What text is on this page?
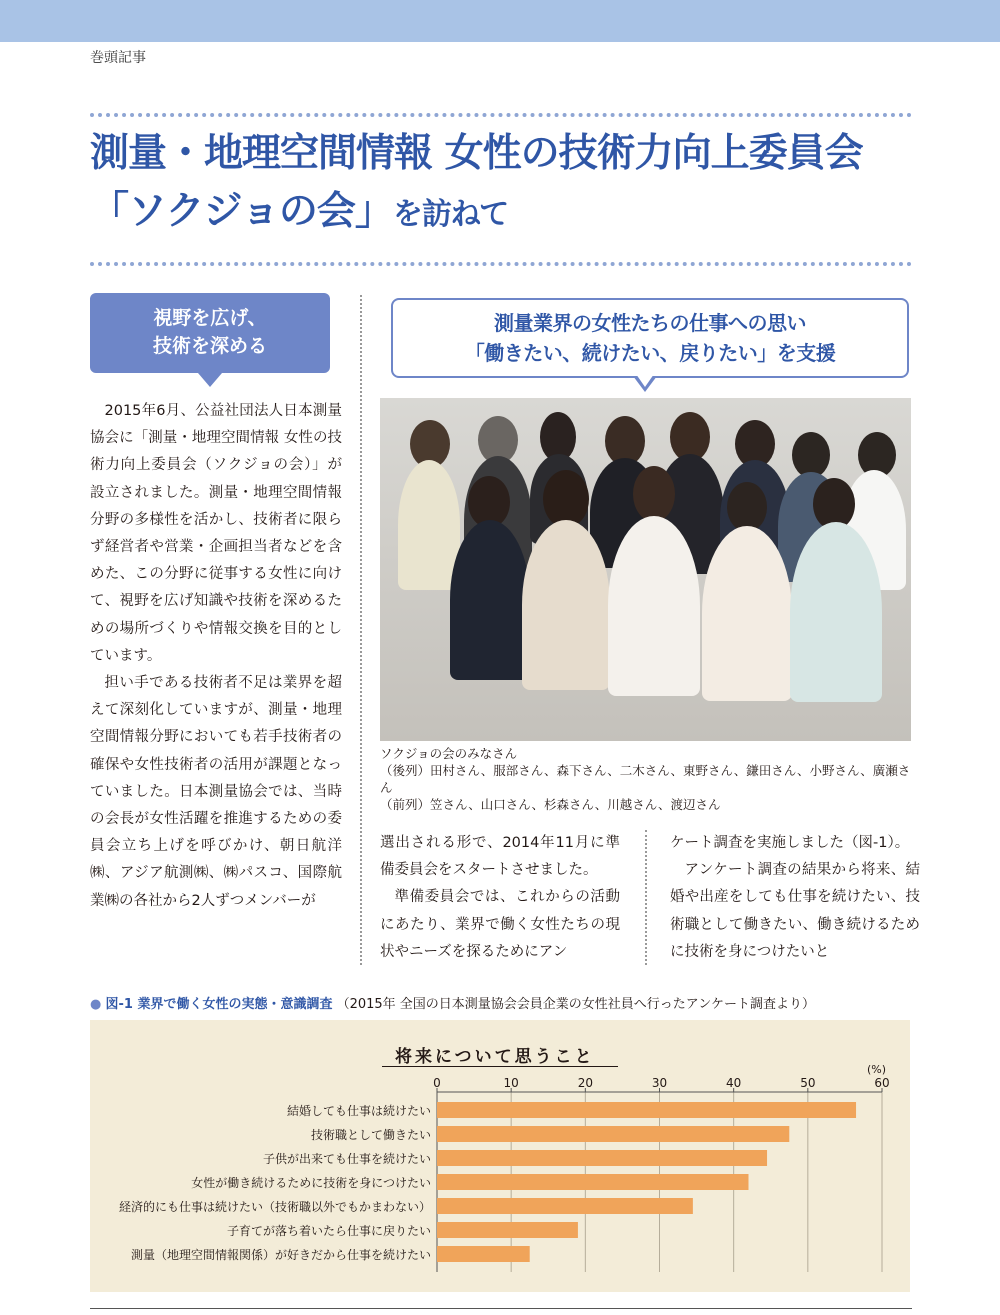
巻頭記事
測量・地理空間情報 女性の技術力向上委員会
「ソクジョの会」を訪ねて
視野を広げ、
技術を深める
測量業界の女性たちの仕事への思い
「働きたい、続けたい、戻りたい」を支援

2015年6月、公益社団法人日本測量協会に「測量・地理空間情報 女性の技術力向上委員会（ソクジョの会）」が設立されました。測量・地理空間情報分野の多様性を活かし、技術者に限らず経営者や営業・企画担当者などを含めた、この分野に従事する女性に向けて、視野を広げ知識や技術を深めるための場所づくりや情報交換を目的としています。

担い手である技術者不足は業界を超えて深刻化していますが、測量・地理空間情報分野においても若手技術者の確保や女性技術者の活用が課題となっていました。日本測量協会では、当時の会長が女性活躍を推進するための委員会立ち上げを呼びかけ、朝日航洋㈱、アジア航測㈱、㈱パスコ、国際航業㈱の各社から2人ずつメンバーが

ソクジョの会のみなさん
（後列）田村さん、服部さん、森下さん、二木さん、東野さん、鎌田さん、小野さん、廣瀬さん
（前列）笠さん、山口さん、杉森さん、川越さん、渡辺さん

選出される形で、2014年11月に準備委員会をスタートさせました。

準備委員会では、これからの活動にあたり、業界で働く女性たちの現状やニーズを探るためにアン

ケート調査を実施しました（図-1）。

アンケート調査の結果から将来、結婚や出産をしても仕事を続けたい、技術職として働きたい、働き続けるために技術を身につけたいと

● 図-1 業界で働く女性の実態・意識調査 （2015年 全国の日本測量協会会員企業の女性社員へ行ったアンケート調査より）
将来について思うこと
0	10	20	30	40	50	60
(%)
結婚しても仕事は続けたい
技術職として働きたい
子供が出来ても仕事を続けたい
女性が働き続けるために技術を身につけたい
経済的にも仕事は続けたい（技術職以外でもかまわない）
子育てが落ち着いたら仕事に戻りたい
測量（地理空間情報関係）が好きだから仕事を続けたい
